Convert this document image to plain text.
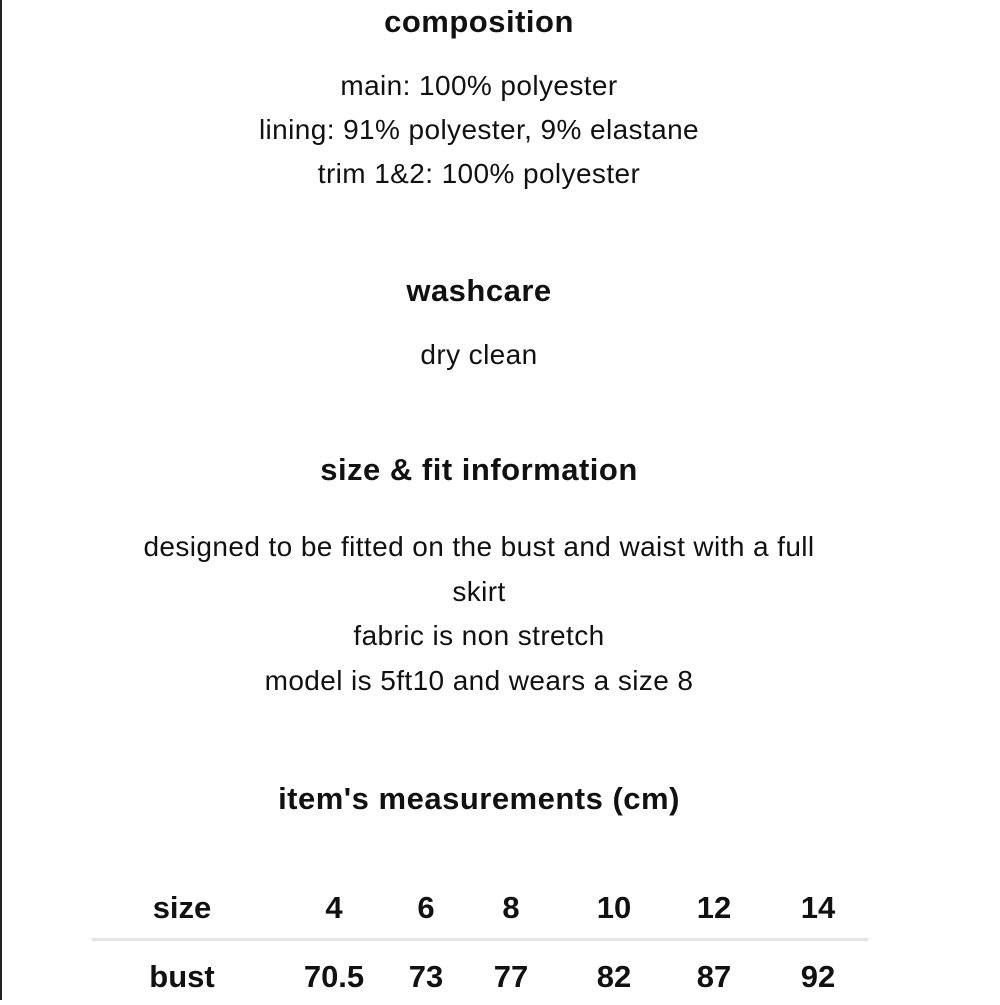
composition

main: 100% polyester

lining: 91% polyester, 9% elastane

trim 1&2: 100% polyester

washcare

dry clean

size & fit information

designed to be fitted on the bust and waist with a full

skirt

fabric is non stretch

model is 5ft10 and wears a size 8

item's measurements (cm)
size	4	6	8	10	12	14
bust	70.5	73	77	82	87	92
